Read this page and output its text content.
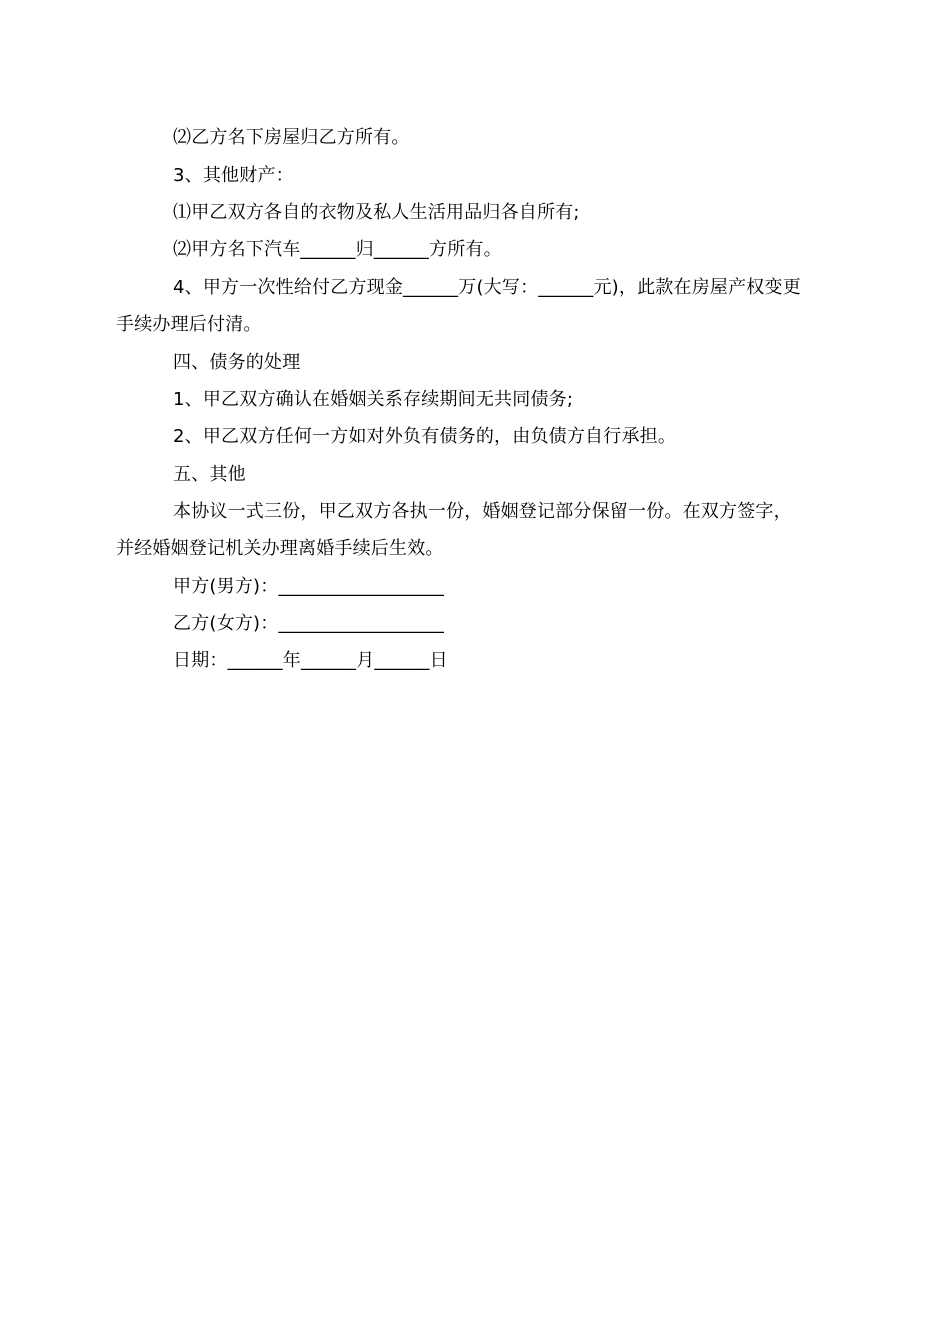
⑵乙方名下房屋归乙方所有。
3、其他财产：
⑴甲乙双方各自的衣物及私人生活用品归各自所有;
⑵甲方名下汽车______归______方所有。
4、甲方一次性给付乙方现金______万(大写：______元)，此款在房屋产权变更
手续办理后付清。
四、债务的处理
1、甲乙双方确认在婚姻关系存续期间无共同债务;
2、甲乙双方任何一方如对外负有债务的，由负债方自行承担。
五、其他
本协议一式三份，甲乙双方各执一份，婚姻登记部分保留一份。在双方签字，
并经婚姻登记机关办理离婚手续后生效。
甲方(男方)：__________________
乙方(女方)：__________________
日期：______年______月______日
